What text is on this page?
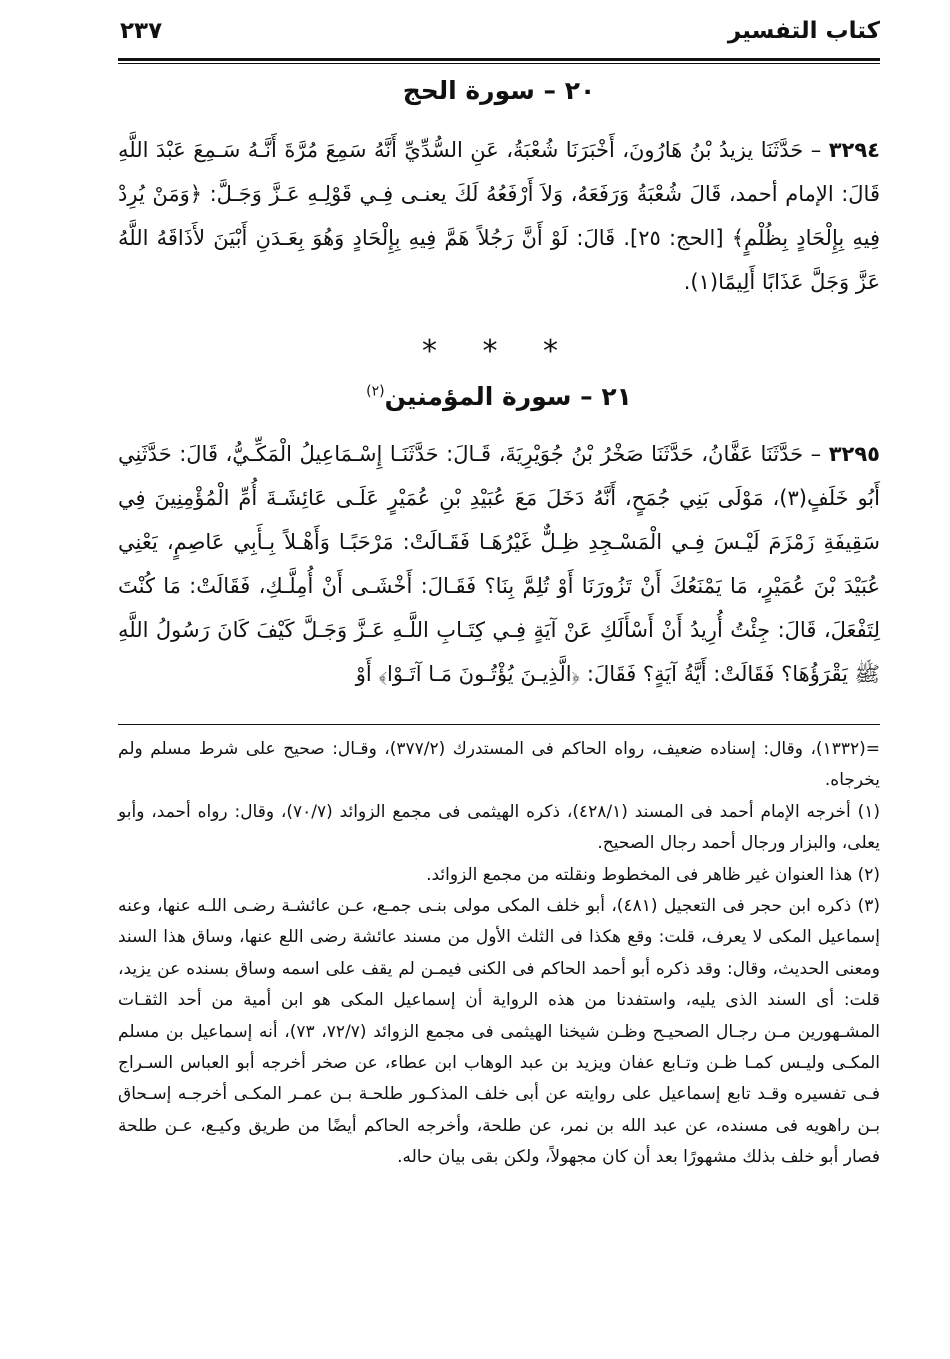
كتاب التفسير
٢٣٧
٢٠ – سورة الحج
٣٢٩٤ – حَدَّثَنَا يزيدُ بْنُ هَارُونَ، أَخْبَرَنَا شُعْبَةُ، عَنِ السُّدِّيِّ أَنَّهُ سَمِعَ مُرَّةَ أَنَّـهُ سَـمِعَ عَبْدَ اللَّهِ قَالَ: الإمام أحمد، قَالَ شُعْبَةُ وَرَفَعَهُ، وَلاَ أَرْفَعُهُ لَكَ يعنـى فِـي قَوْلِـهِ عَـزَّ وَجَـلَّ: ﴿وَمَنْ يُرِدْ فِيهِ بِإِلْحَادٍ بِظُلْمٍ﴾ [الحج: ٢٥]. قَالَ: لَوْ أَنَّ رَجُلاً هَمَّ فِيهِ بِإِلْحَادٍ وَهُوَ بِعَـدَنِ أَبْيَنَ لأَذَاقَهُ اللَّهُ عَزَّ وَجَلَّ عَذَابًا أَلِيمًا(١).
* * *
٢١ – سورة المؤمنين$^{(٢)}$
٣٢٩٥ – حَدَّثَنَا عَفَّانُ، حَدَّثَنَا صَخْرُ بْنُ جُوَيْرِيَةَ، قَـالَ: حَدَّثَنَـا إِسْـمَاعِيلُ الْمَكِّـيُّ، قَالَ: حَدَّثَنِي أَبُو خَلَفٍ(٣)، مَوْلَى بَنِي جُمَحٍ، أَنَّهُ دَخَلَ مَعَ عُبَيْدِ بْنِ عُمَيْرٍ عَلَـى عَائِشَـةَ أُمِّ الْمُؤْمِنِينَ فِي سَقِيفَةِ زَمْزَمَ لَيْـسَ فِـي الْمَسْـجِدِ ظِـلٌّ غَيْرُهَـا فَقَـالَتْ: مَرْحَبًـا وَأَهْـلاً بِـأَبِي عَاصِمٍ، يَعْنِي عُبَيْدَ بْنَ عُمَيْرٍ، مَا يَمْنَعُكَ أَنْ تَزُورَنَا أَوْ تُلِمَّ بِنَا؟ فَقَـالَ: أَخْشَـى أَنْ أُمِلَّـكِ، فَقَالَتْ: مَا كُنْتَ لِتَفْعَلَ، قَالَ: جِئْتُ أُرِيدُ أَنْ أَسْأَلَكِ عَنْ آيَةٍ فِـي كِتَـابِ اللَّـهِ عَـزَّ وَجَـلَّ كَيْفَ كَانَ رَسُولُ اللَّهِ ﷺ يَقْرَؤُهَا؟ فَقَالَتْ: أَيَّةُ آيَةٍ؟ فَقَالَ: ﴿الَّذِيـنَ يُؤْتُـونَ مَـا آتَـوْا﴾ أَوْ

=(١٣٣٢)، وقال: إسناده ضعيف، رواه الحاكم فى المستدرك (٣٧٧/٢)، وقـال: صحيح على شرط مسلم ولم يخرجاه.

(١) أخرجه الإمام أحمد فى المسند (٤٢٨/١)، ذكره الهيثمى فى مجمع الزوائد (٧٠/٧)، وقال: رواه أحمد، وأبو يعلى، والبزار ورجال أحمد رجال الصحيح.

(٢) هذا العنوان غير ظاهر فى المخطوط ونقلته من مجمع الزوائد.

(٣) ذكره ابن حجر فى التعجيل (٤٨١)، أبو خلف المكى مولى بنـى جمـع، عـن عائشـة رضـى اللـه عنها، وعنه إسماعيل المكى لا يعرف، قلت: وقع هكذا فى الثلث الأول من مسند عائشة رضى اللع عنها، وساق هذا السند ومعنى الحديث، وقال: وقد ذكره أبو أحمد الحاكم فى الكنى فيمـن لم يقف على اسمه وساق بسنده عن يزيد، قلت: أى السند الذى يليه، واستفدنا من هذه الرواية أن إسماعيل المكى هو ابن أمية من أحد الثقـات المشـهورين مـن رجـال الصحيـح وظـن شيخنا الهيثمى فى مجمع الزوائد (٧٢/٧، ٧٣)، أنه إسماعيل بن مسلم المكـى وليـس كمـا ظـن وتـابع عفان ويزيد بن عبد الوهاب ابن عطاء، عن صخر أخرجه أبو العباس السـراج فـى تفسيره وقـد تابع إسماعيل على روايته عن أبى خلف المذكـور طلحـة بـن عمـر المكـى أخرجـه إسـحاق بـن راهويه فى مسنده، عن عبد الله بن نمر، عن طلحة، وأخرجه الحاكم أيضًا من طريق وكيـع، عـن طلحة فصار أبو خلف بذلك مشهورًا بعد أن كان مجهولاً، ولكن بقى بيان حاله.
